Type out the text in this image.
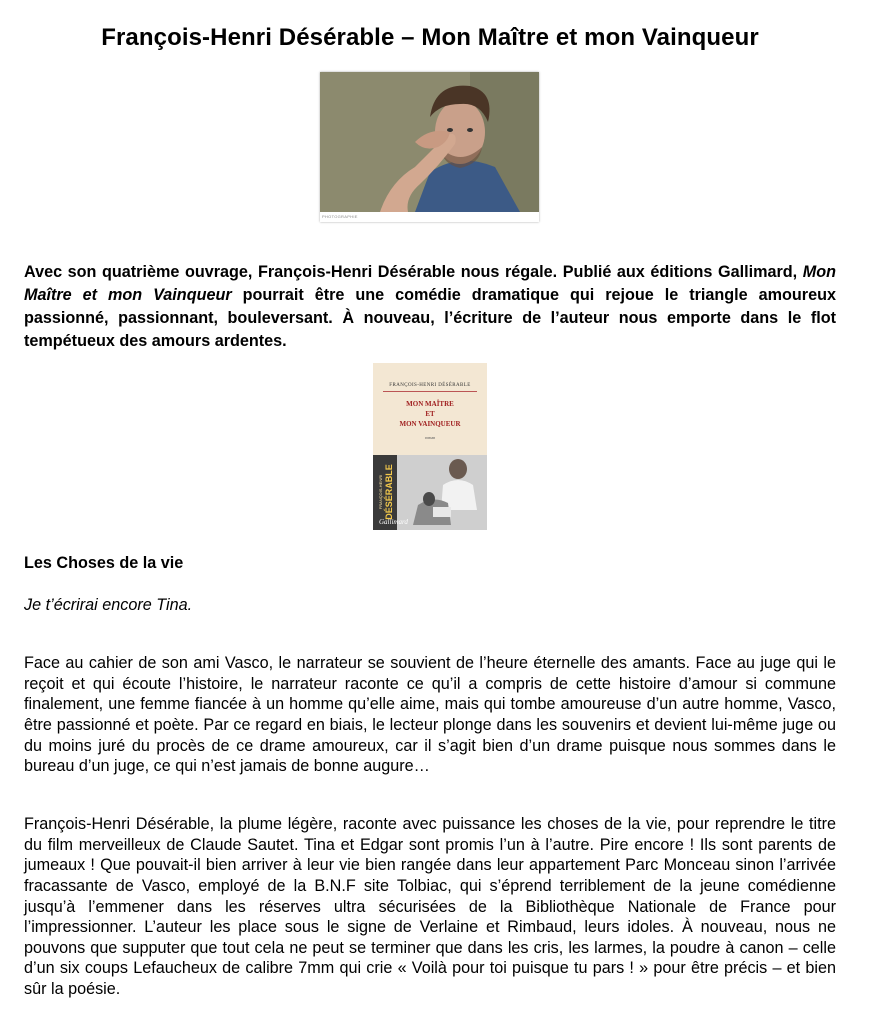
François-Henri Désérable – Mon Maître et mon Vainqueur
PHOTOGRAPHIE

Avec son quatrième ouvrage, François-Henri Désérable nous régale. Publié aux éditions Gallimard, Mon Maître et mon Vainqueur pourrait être une comédie dramatique qui rejoue le triangle amoureux passionné, passionnant, bouleversant. À nouveau, l’écriture de l’auteur nous emporte dans le flot tempétueux des amours ardentes.

FRANÇOIS-HENRI DÉSÉRABLE
MON MAÎTRE
ET
MON VAINQUEUR
roman
FRANÇOIS-HENRI DÉSÉRABLE
Gallimard
Les Choses de la vie
Je t’écrirai encore Tina.

Face au cahier de son ami Vasco, le narrateur se souvient de l’heure éternelle des amants. Face au juge qui le reçoit et qui écoute l’histoire, le narrateur raconte ce qu’il a compris de cette histoire d’amour si commune finalement, une femme fiancée à un homme qu’elle aime, mais qui tombe amoureuse d’un autre homme, Vasco, être passionné et poète. Par ce regard en biais, le lecteur plonge dans les souvenirs et devient lui-même juge ou du moins juré du procès de ce drame amoureux, car il s’agit bien d’un drame puisque nous sommes dans le bureau d’un juge, ce qui n’est jamais de bonne augure…

François-Henri Désérable, la plume légère, raconte avec puissance les choses de la vie, pour reprendre le titre du film merveilleux de Claude Sautet. Tina et Edgar sont promis l’un à l’autre. Pire encore ! Ils sont parents de jumeaux ! Que pouvait-il bien arriver à leur vie bien rangée dans leur appartement Parc Monceau sinon l’arrivée fracassante de Vasco, employé de la B.N.F site Tolbiac, qui s’éprend terriblement de la jeune comédienne jusqu’à l’emmener dans les réserves ultra sécurisées de la Bibliothèque Nationale de France pour l’impressionner. L’auteur les place sous le signe de Verlaine et Rimbaud, leurs idoles. À nouveau, nous ne pouvons que supputer que tout cela ne peut se terminer que dans les cris, les larmes, la poudre à canon – celle d’un six coups Lefaucheux de calibre 7mm qui crie « Voilà pour toi puisque tu pars ! » pour être précis – et bien sûr la poésie.
